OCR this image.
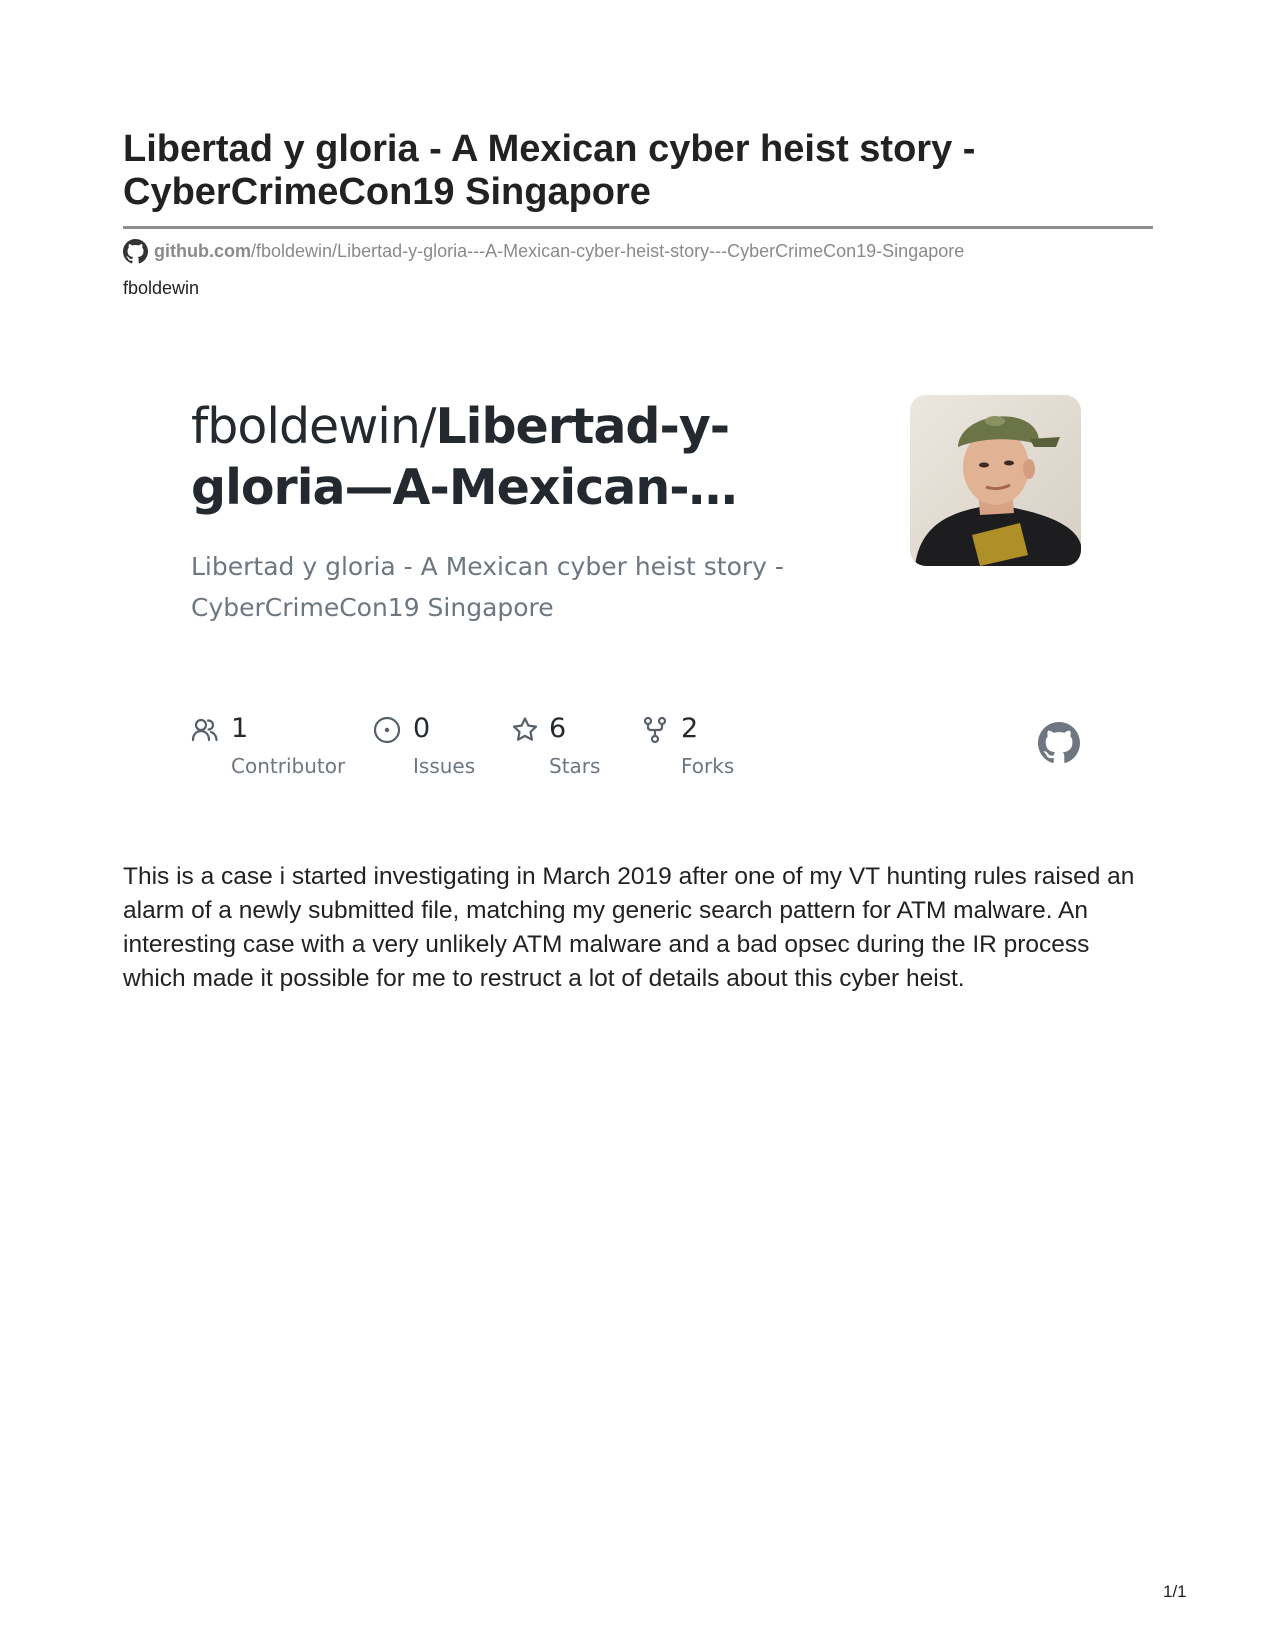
Libertad y gloria - A Mexican cyber heist story - CyberCrimeCon19 Singapore
github.com /fboldewin/Libertad-y-gloria---A-Mexican-cyber-heist-story---CyberCrimeCon19-Singapore
fboldewin
fboldewin/Libertad-y-gloria—A-Mexican-…
Libertad y gloria - A Mexican cyber heist story - CyberCrimeCon19 Singapore
1
Contributor
0
Issues
6
Stars
2
Forks

This is a case i started investigating in March 2019 after one of my VT hunting rules raised an alarm of a newly submitted file, matching my generic search pattern for ATM malware. An interesting case with a very unlikely ATM malware and a bad opsec during the IR process which made it possible for me to restruct a lot of details about this cyber heist.

1/1
